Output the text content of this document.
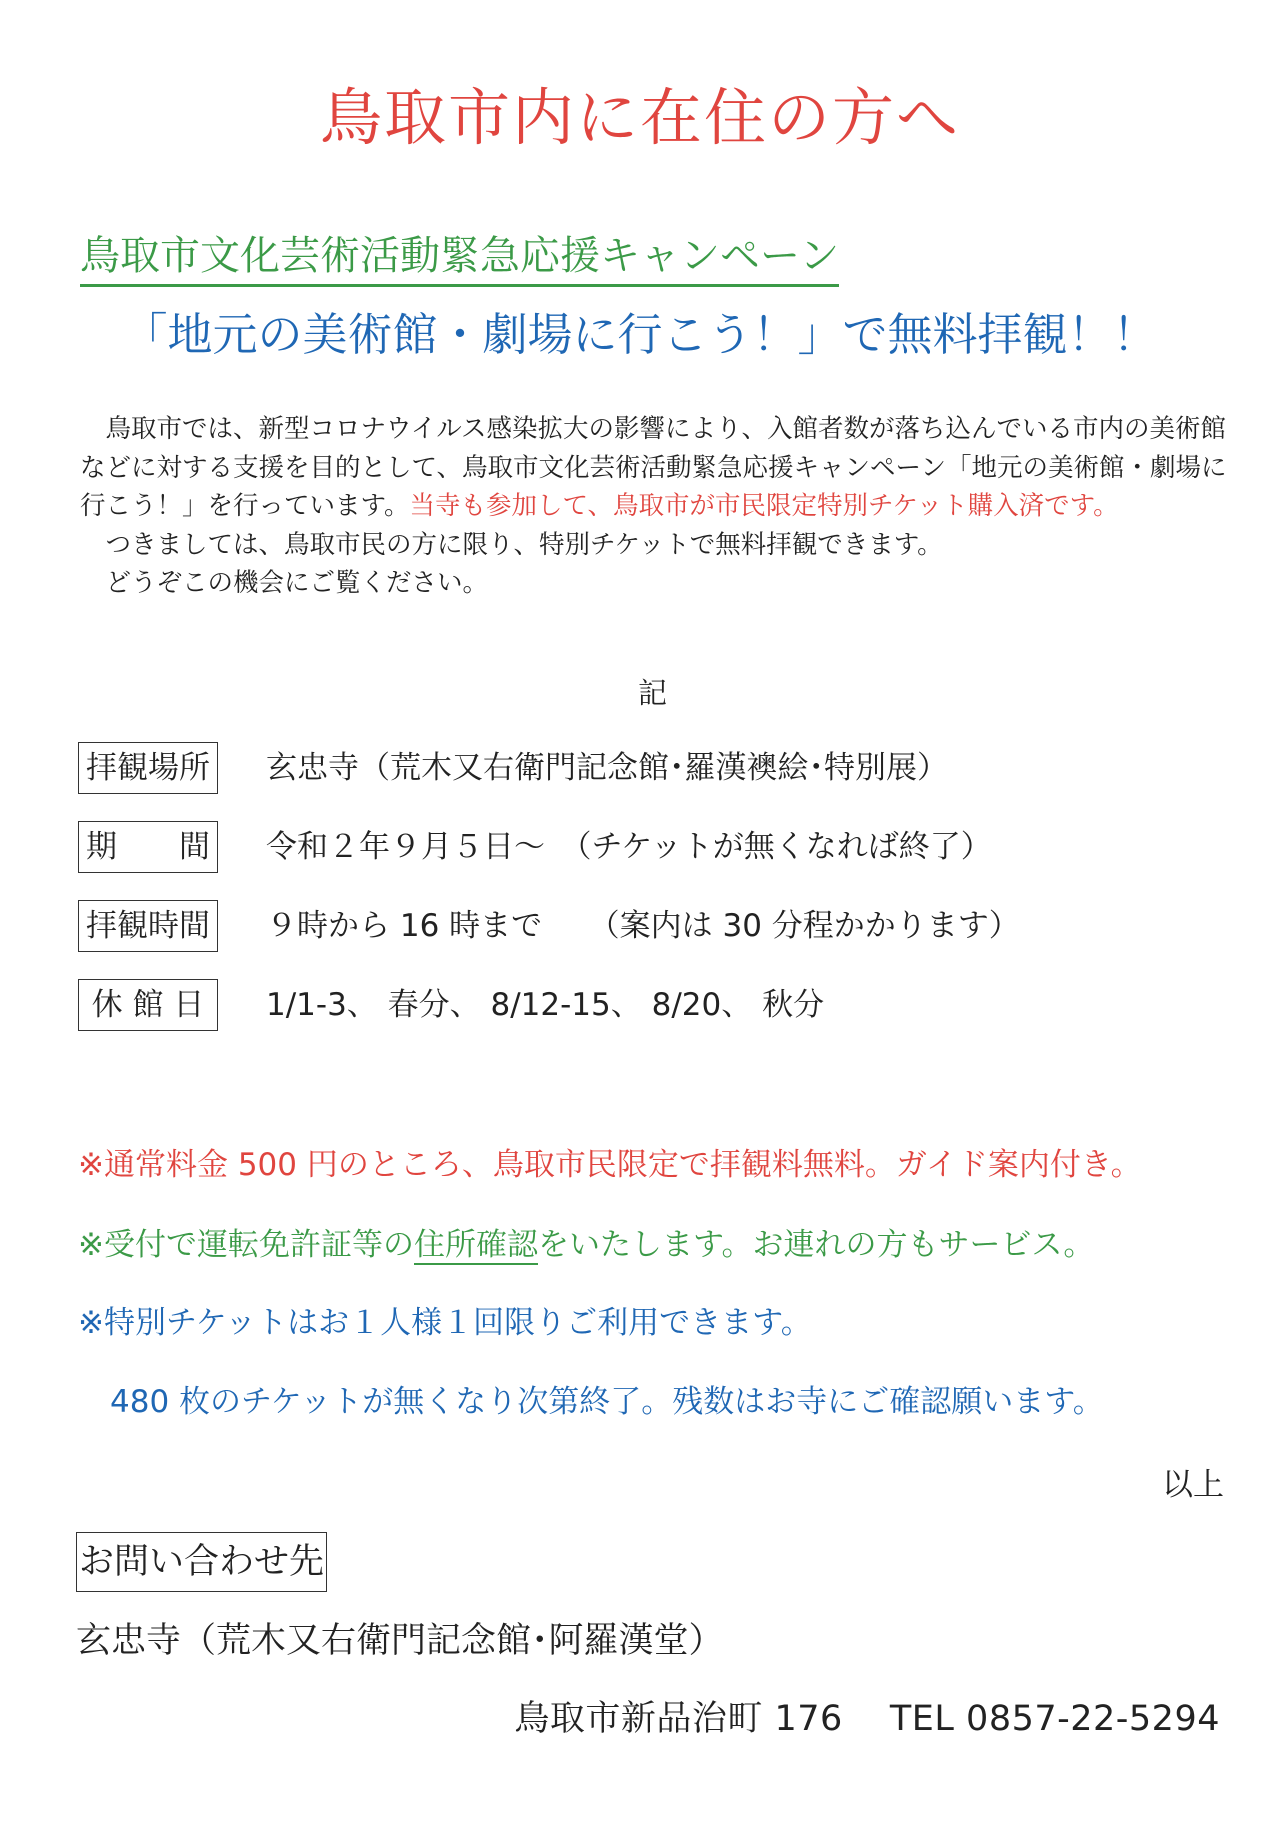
鳥取市内に在住の方へ
鳥取市文化芸術活動緊急応援キャンペーン
「地元の美術館・劇場に行こう！」で無料拝観！！

　鳥取市では、新型コロナウイルス感染拡大の影響により、入館者数が落ち込んでいる市内の美術館などに対する支援を目的として、鳥取市文化芸術活動緊急応援キャンペーン「地元の美術館・劇場に行こう！」を行っています。当寺も参加して、鳥取市が市民限定特別チケット購入済です。

　つきましては、鳥取市民の方に限り、特別チケットで無料拝観できます。

　どうぞこの機会にご覧ください。

記
拝観場所 玄忠寺（荒木又右衛門記念館･羅漢襖絵･特別展）
期　　間 令和２年９月５日～　（チケットが無くなれば終了）
拝観時間 ９時から 16 時まで　　（案内は 30 分程かかります）
休 館 日	1/1-3、 春分、 8/12-15、 8/20、 秋分
※通常料金 500 円のところ、鳥取市民限定で拝観料無料。ガイド案内付き。
※受付で運転免許証等の住所確認をいたします。お連れの方もサービス。
※特別チケットはお１人様１回限りご利用できます。
480 枚のチケットが無くなり次第終了。残数はお寺にご確認願います。
以上
お問い合わせ先
玄忠寺（荒木又右衛門記念館･阿羅漢堂）
鳥取市新品治町 176　 TEL 0857-22-5294
